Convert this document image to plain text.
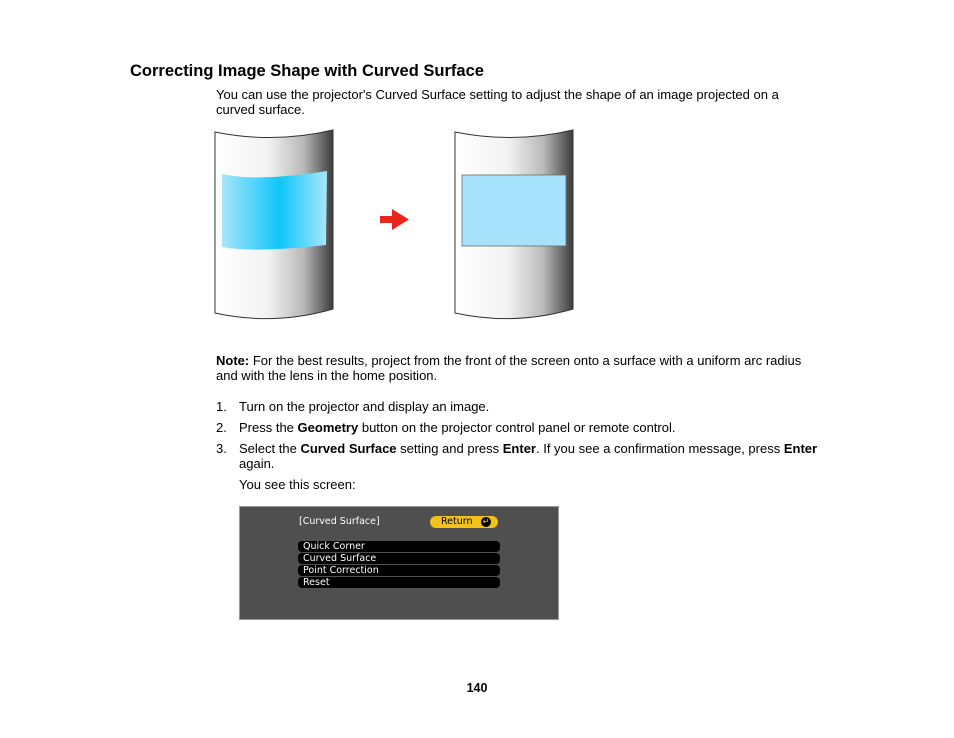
Correcting Image Shape with Curved Surface
You can use the projector's Curved Surface setting to adjust the shape of an image projected on a curved surface.
Note: For the best results, project from the front of the screen onto a surface with a uniform arc radius and with the lens in the home position.
1. Turn on the projector and display an image.
2. Press the Geometry button on the projector control panel or remote control.
3. Select the Curved Surface setting and press Enter. If you see a confirmation message, press Enter again.
You see this screen:
[Curved Surface]	Return ↵
Quick Corner
Curved Surface
Point Correction
Reset
140
